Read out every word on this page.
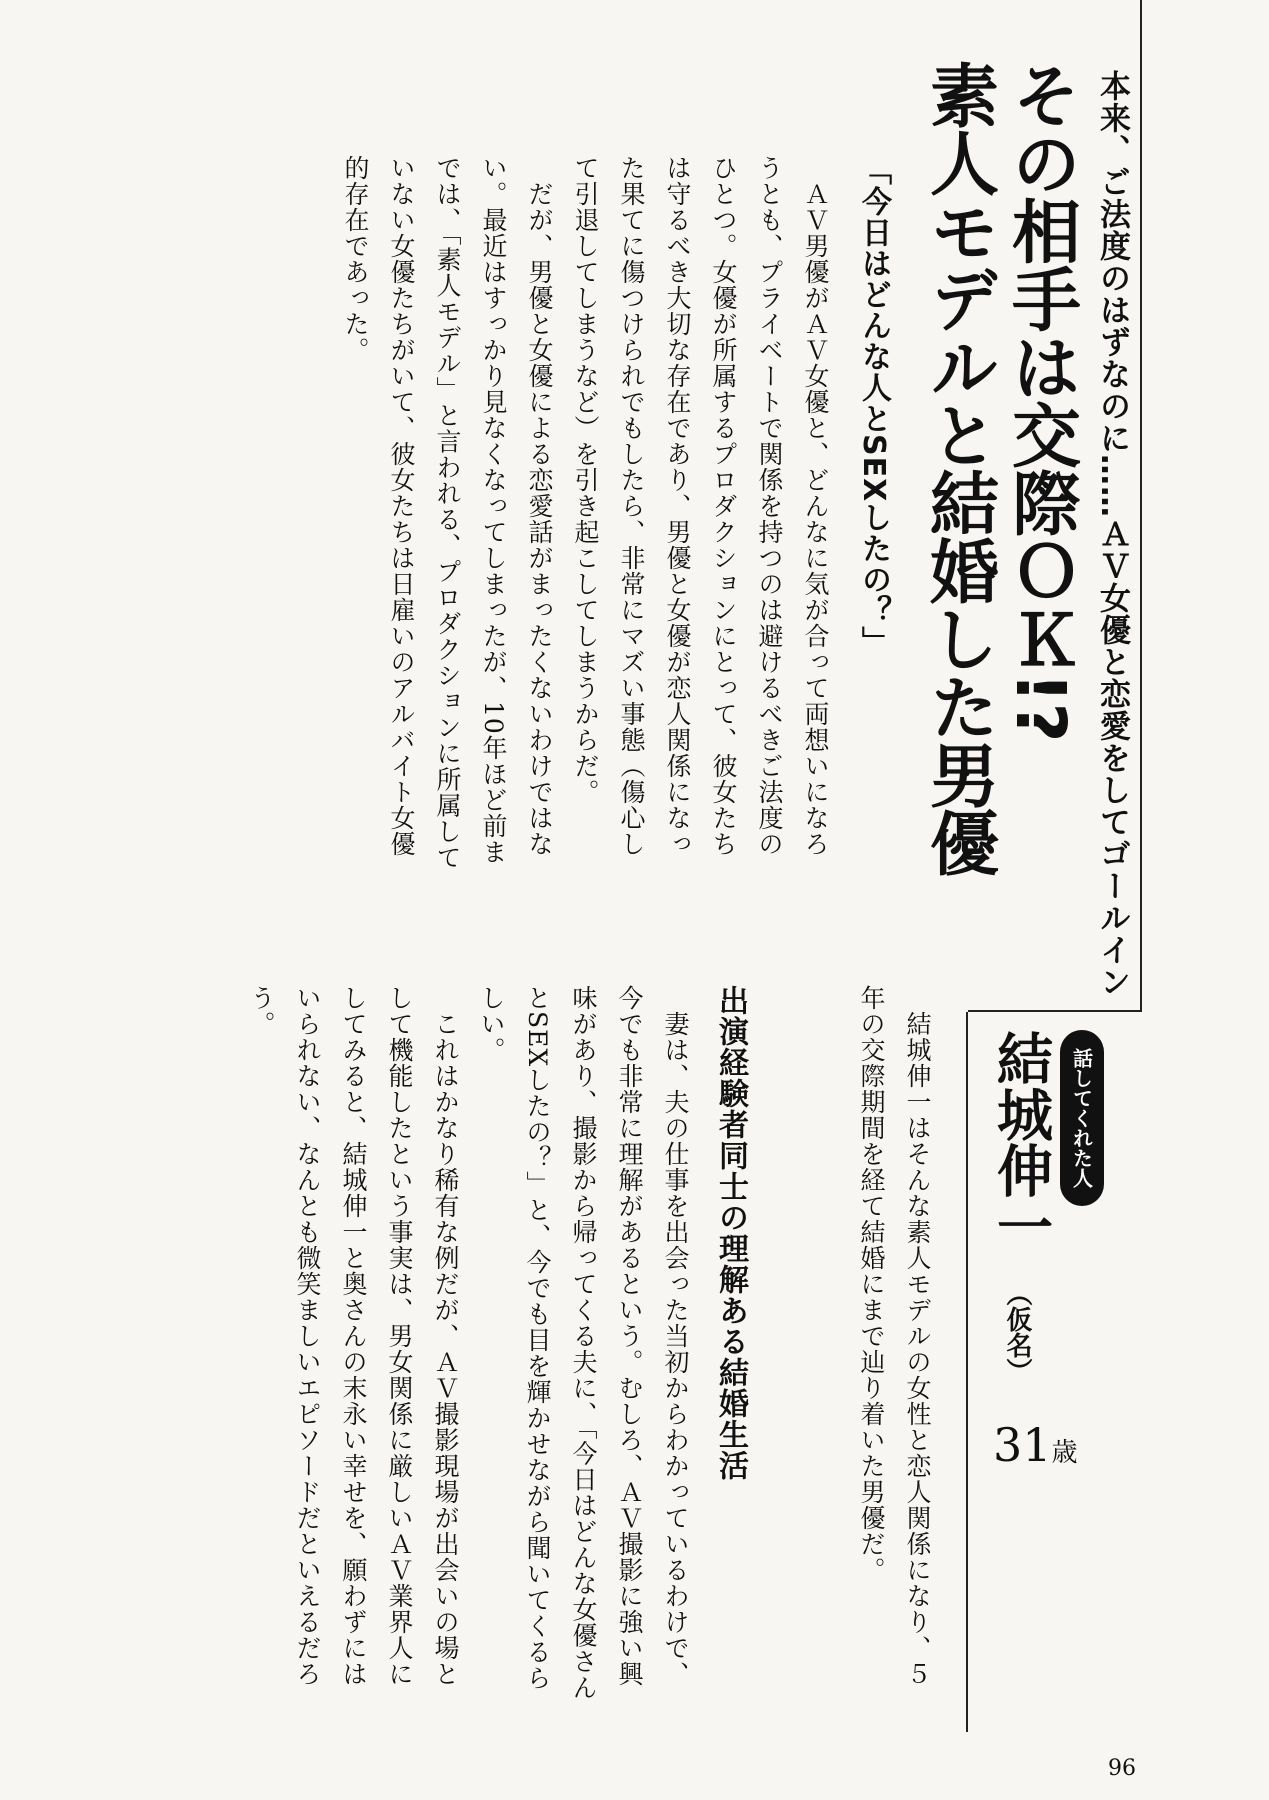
本来、ご法度のはずなのに……ＡＶ女優と恋愛をしてゴールイン
その相手は交際ＯＫ!?
素人モデルと結婚した男優
話してくれた人
結城伸一
（仮名）
31歳
「今日はどんな人とSEXしたの？」
　ＡＶ男優がＡＶ女優と、どんなに気が合って両想いになろうとも、プライベートで関係を持つのは避けるべきご法度のひとつ。女優が所属するプロダクションにとって、彼女たちは守るべき大切な存在であり、男優と女優が恋人関係になった果てに傷つけられでもしたら、非常にマズい事態（傷心して引退してしまうなど）を引き起こしてしまうからだ。
　だが、男優と女優による恋愛話がまったくないわけではない。最近はすっかり見なくなってしまったが、10年ほど前までは、「素人モデル」と言われる、プロダクションに所属していない女優たちがいて、彼女たちは日雇いのアルバイト女優的存在であった。
　結城伸一はそんな素人モデルの女性と恋人関係になり、５年の交際期間を経て結婚にまで辿り着いた男優だ。
出演経験者同士の理解ある結婚生活
　妻は、夫の仕事を出会った当初からわかっているわけで、今でも非常に理解があるという。むしろ、ＡＶ撮影に強い興味があり、撮影から帰ってくる夫に、「今日はどんな女優さんとSEXしたの？」と、今でも目を輝かせながら聞いてくるらしい。
　これはかなり稀有な例だが、ＡＶ撮影現場が出会いの場として機能したという事実は、男女関係に厳しいＡＶ業界人にしてみると、結城伸一と奥さんの末永い幸せを、願わずにはいられない、なんとも微笑ましいエピソードだといえるだろう。
96
